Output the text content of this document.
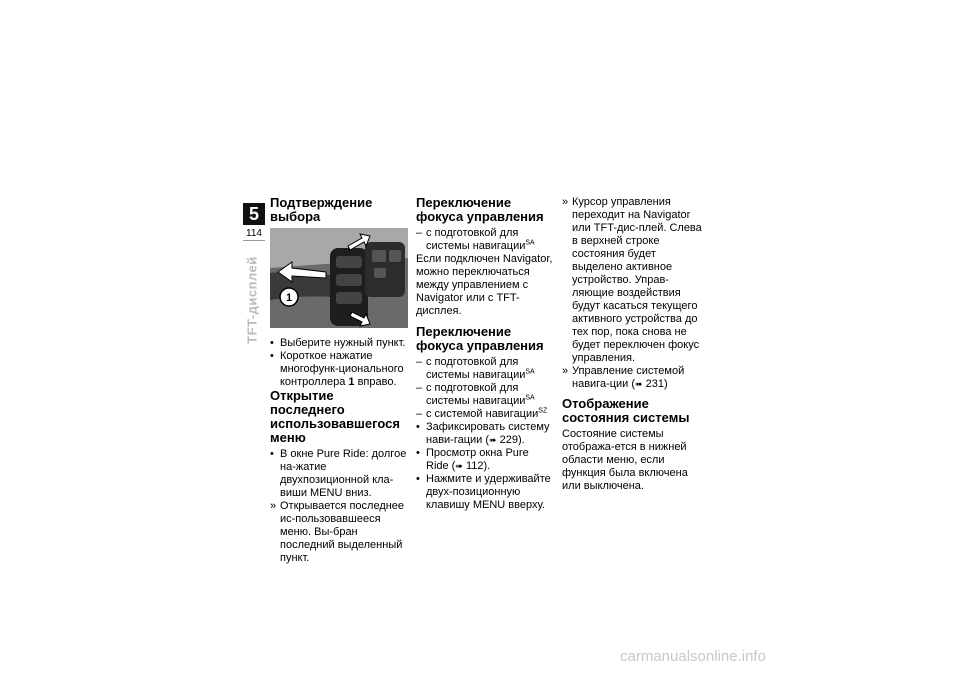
5
114
TFT-дисплей
Подтверждение выбора
1

• Выберите нужный пункт.

• Короткое нажатие многофунк-циональнoго контроллера 1 вправо.

Открытие последнего использовавшегося меню

• В окне Pure Ride: долгое на-жатие двухпозиционной кла-виши MENU вниз.

» Открывается последнее ис-пользовавшееся меню. Вы-бран последний выделенный пункт.

Переключение фокуса управления

– с подготовкой для системы навигации$^{SA}$

Если подключен Navigator, можно переключаться между управлением с Navigator или с TFT-дисплея.

Переключение фокуса управления

– с подготовкой для системы навигации$^{SA}$

– с подготовкой для системы навигации$^{SA}$

– с системой навигации$^{SZ}$

• Зафиксировать систему нави-гации (➠ 229).

• Просмотр окна Pure Ride (➠ 112).

• Нажмите и удерживайте двух-позиционную клавишу MENU вверху.

» Курсор управления переходит на Navigator или TFT-дис-плей. Слева в верхней строке состояния будет выделено активное устройство. Управ-ляющие воздействия будут касаться текущего активного устройства до тех пор, пока снова не будет переключен фокус управления.

» Управление системой навига-ции (➠ 231)

Отображение состояния системы

Состояние системы отобража-ется в нижней области меню, если функция была включена или выключена.

carmanualsonline.info
